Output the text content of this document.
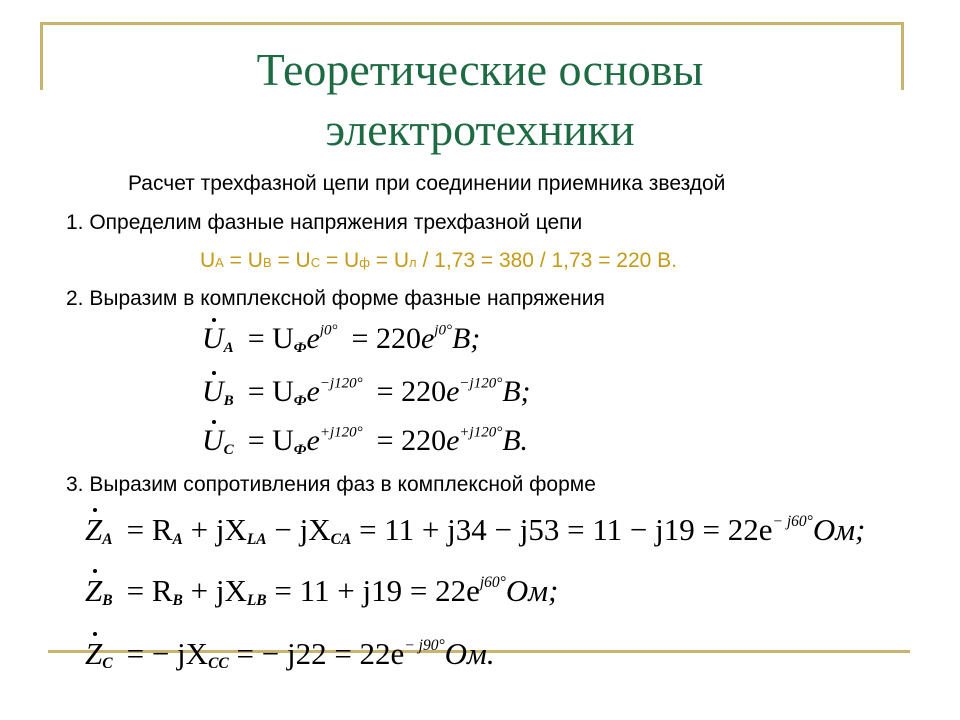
Теоретические основы
электротехники
Расчет трехфазной цепи при соединении приемника звездой
1. Определим фазные напряжения трехфазной цепи
UA = UB = UC = Uф = Uл / 1,73 = 380 / 1,73 = 220 В.
2. Выразим в комплексной форме фазные напряжения
UA = $UФe^{j0^\circ} = 220e^{j0^\circ}B$;
UB = $UФe^{-j120^\circ} = 220e^{-j120^\circ}B$;
UC = $UФe^{+j120^\circ} = 220e^{+j120^\circ}B$.
3. Выразим сопротивления фаз в комплексной форме
ZA = RA + jXLA − jXCA = $11 + j34 - j53 = 11 - j19 = 22e^{- j60^\circ}Ом$;
ZB = RB + jXLB = $11 + j19 = 22e^{j60^\circ}Ом$;
ZC = − jXCC = − $j22 = 22e^{- j90^\circ}Ом$.
